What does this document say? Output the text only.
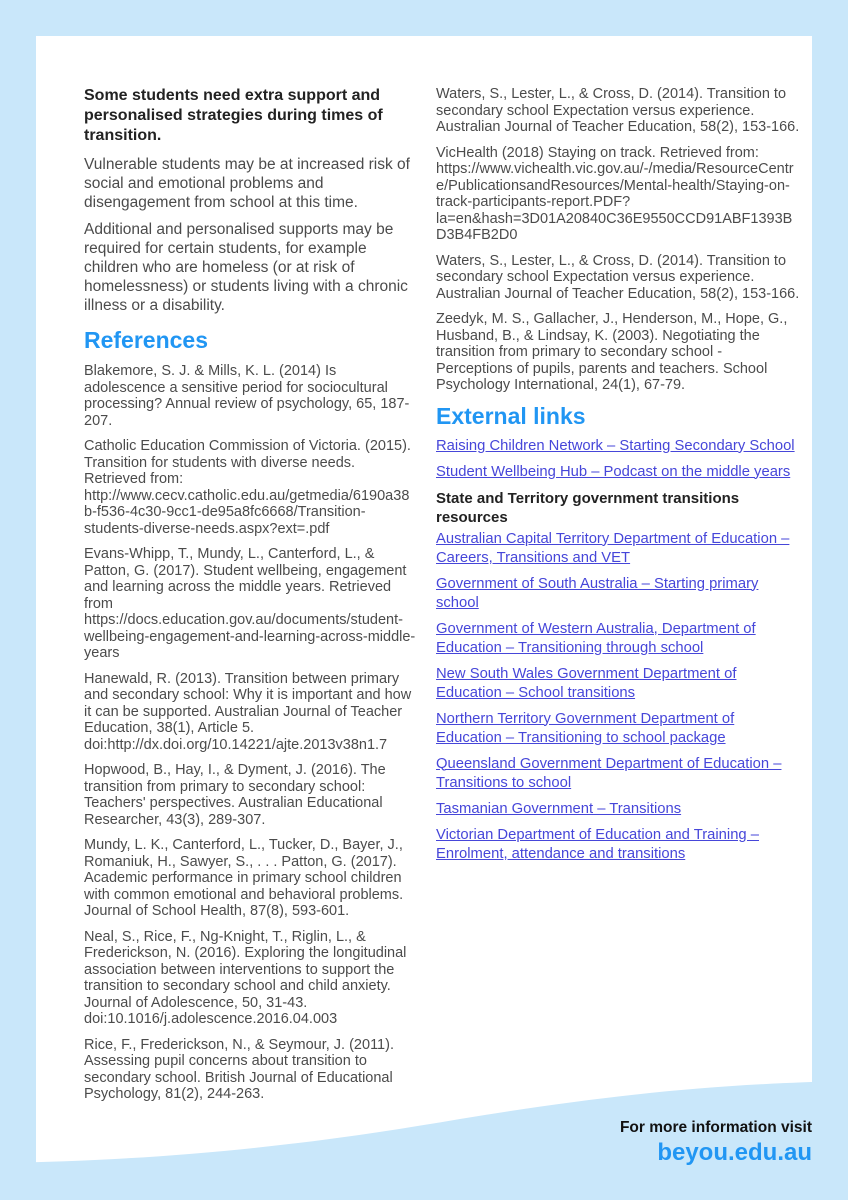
Some students need extra support and personalised strategies during times of transition.

Vulnerable students may be at increased risk of social and emotional problems and disengagement from school at this time.

Additional and personalised supports may be required for certain students, for example children who are homeless (or at risk of homelessness) or students living with a chronic illness or a disability.

References

Blakemore, S. J. & Mills, K. L. (2014) Is adolescence a sensitive period for sociocultural processing? Annual review of psychology, 65, 187-207.

Catholic Education Commission of Victoria. (2015). Transition for students with diverse needs. Retrieved from: http://www.cecv.catholic.edu.au/getmedia/6190a38b-f536-4c30-9cc1-de95a8fc6668/Transition-students-diverse-needs.aspx?ext=.pdf

Evans-Whipp, T., Mundy, L., Canterford, L., & Patton, G. (2017). Student wellbeing, engagement and learning across the middle years. Retrieved from https://docs.education.gov.au/documents/student-wellbeing-engagement-and-learning-across-middle-years

Hanewald, R. (2013). Transition between primary and secondary school: Why it is important and how it can be supported. Australian Journal of Teacher Education, 38(1), Article 5. doi:http://dx.doi.org/10.14221/ajte.2013v38n1.7

Hopwood, B., Hay, I., & Dyment, J. (2016). The transition from primary to secondary school: Teachers' perspectives. Australian Educational Researcher, 43(3), 289-307.

Mundy, L. K., Canterford, L., Tucker, D., Bayer, J., Romaniuk, H., Sawyer, S., . . . Patton, G. (2017). Academic performance in primary school children with common emotional and behavioral problems. Journal of School Health, 87(8), 593-601.

Neal, S., Rice, F., Ng-Knight, T., Riglin, L., & Frederickson, N. (2016). Exploring the longitudinal association between interventions to support the transition to secondary school and child anxiety. Journal of Adolescence, 50, 31-43. doi:10.1016/j.adolescence.2016.04.003

Rice, F., Frederickson, N., & Seymour, J. (2011). Assessing pupil concerns about transition to secondary school. British Journal of Educational Psychology, 81(2), 244-263.

Waters, S., Lester, L., & Cross, D. (2014). Transition to secondary school Expectation versus experience. Australian Journal of Teacher Education, 58(2), 153-166.

VicHealth (2018) Staying on track. Retrieved from: https://www.vichealth.vic.gov.au/-/media/ResourceCentre/PublicationsandResources/Mental-health/Staying-on-track-participants-report.PDF?la=en&hash=3D01A20840C36E9550CCD91ABF1393BD3B4FB2D0

Waters, S., Lester, L., & Cross, D. (2014). Transition to secondary school Expectation versus experience. Australian Journal of Teacher Education, 58(2), 153-166.

Zeedyk, M. S., Gallacher, J., Henderson, M., Hope, G., Husband, B., & Lindsay, K. (2003). Negotiating the transition from primary to secondary school - Perceptions of pupils, parents and teachers. School Psychology International, 24(1), 67-79.

External links
Raising Children Network – Starting Secondary School
Student Wellbeing Hub – Podcast on the middle years

State and Territory government transitions resources

Australian Capital Territory Department of Education – Careers, Transitions and VET
Government of South Australia – Starting primary school
Government of Western Australia, Department of Education – Transitioning through school
New South Wales Government Department of Education – School transitions
Northern Territory Government Department of Education – Transitioning to school package
Queensland Government Department of Education – Transitions to school
Tasmanian Government – Transitions
Victorian Department of Education and Training – Enrolment, attendance and transitions
For more information visit
beyou.edu.au
